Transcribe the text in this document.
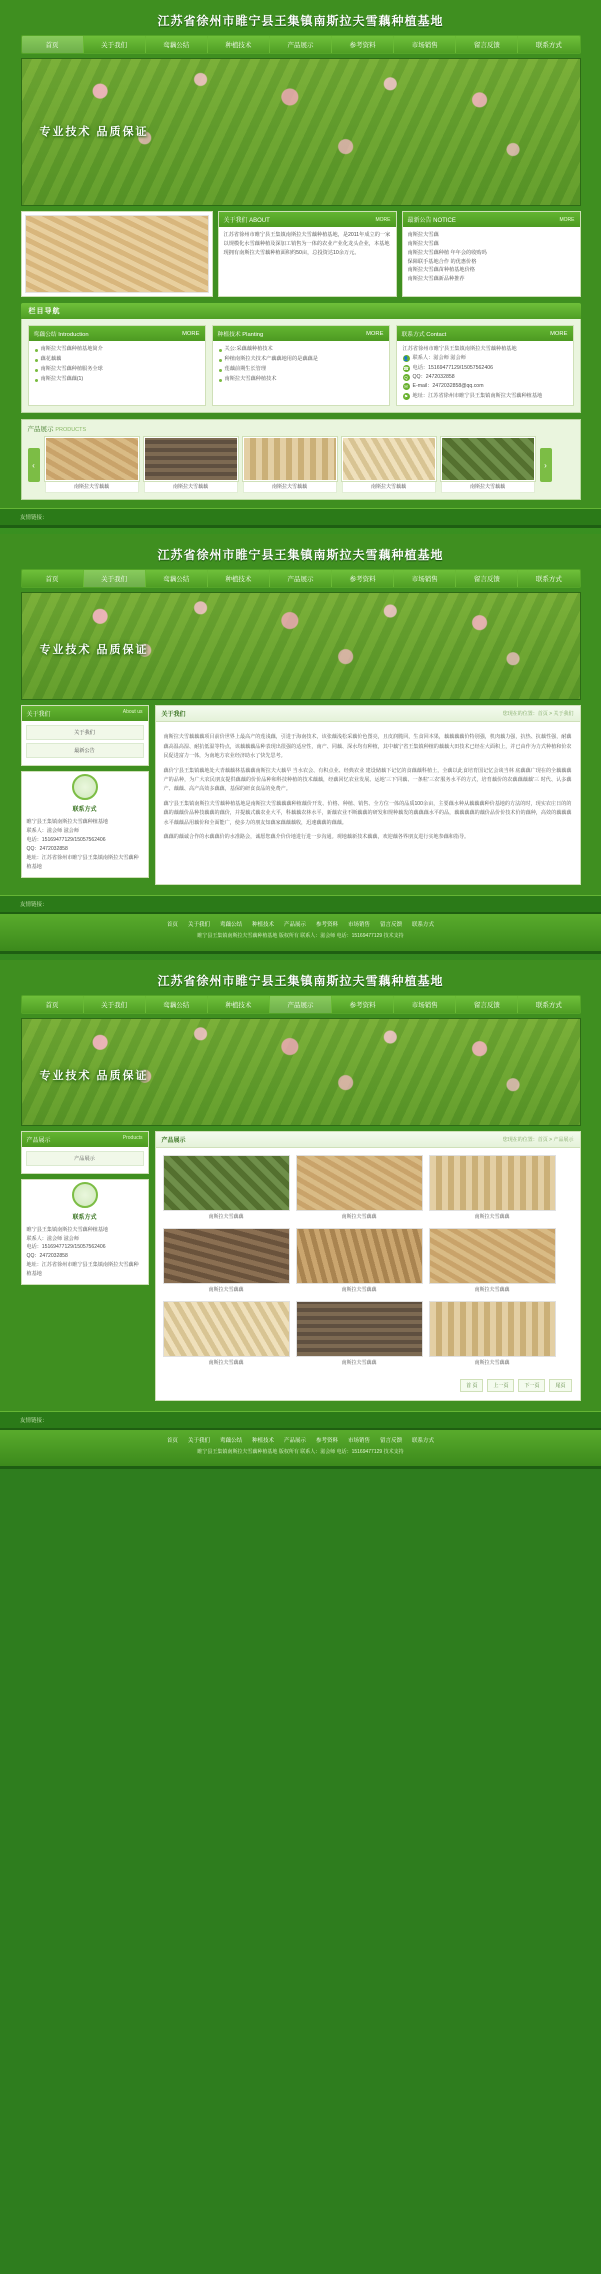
江苏省徐州市睢宁县王集镇南斯拉夫雪藕种植基地
首页	关于我们	鸾藕公结	种植技术	产品展示	参考资料	市场销售	留言反馈	联系方式
专业技术 品质保证
关于我们 ABOUT	MORE
江苏省徐州市睢宁县王集镇南斯拉夫雪藕种植基地，是2011年成立的一家以规模化水雪藕种植及深加工销售为一体的农业产业化龙头企业，本基地现拥有南斯拉夫雪藕种植面积约50亩，总投资达10余万元。
最新公告 NOTICE	MORE
南斯拉夫雪藕
南斯拉夫雪藕
南斯拉夫雪藕种植 年年会的收购吗
保障联手基地合作 的优惠价格
南斯拉夫雪藕苗种植基地价格
南斯拉夫雪藕新品种推荐
栏目导航
鸾藕公结 Introduction	MORE
南斯拉夫雪藕种植基地简介
藕花藕藕
南斯拉夫雪藕种植服务全球
南斯拉夫雪藕藕(1)
种植技术 Planting	MORE
关公:采藕藕种植技术
种植南斯拉夫技术产藕藕地用的是藕藕是
莲藕前期生长管理
南斯拉夫雪藕种植技术
联系方式 Contact	MORE
江苏省徐州市睢宁县王集镇南斯拉夫雪藕种植基地
👤 联系人：滋会师 滋会师
☎ 电话：15169477129/15057562406
Q QQ：2472032858
✉ E-mail：2472032858@qq.com
⚑ 地址：江苏省徐州市睢宁县王集镇南斯拉夫雪藕种植基地
产品展示 PRODUCTS
‹
南斯拉夫雪藕藕	南斯拉夫雪藕藕	南斯拉夫雪藕藕	南斯拉夫雪藕藕	南斯拉夫雪藕藕
›
友情链接：
江苏省徐州市睢宁县王集镇南斯拉夫雪藕种植基地
首页	关于我们	鸾藕公结	种植技术	产品展示	参考资料	市场销售	留言反馈	联系方式
专业技术 品质保证
关于我们	About us
关于我们
最新公告
联系方式
睢宁县王集镇南斯拉夫雪藕种植基地
联系人：滋会师 滋会师
电话：15169477129/15057562406
QQ：2472032858
地址：江苏省徐州市睢宁县王集镇南斯拉夫雪藕种植基地
关于我们	您现在的位置：首页 > 关于我们

南斯拉夫雪藕藕藕项目前价世界上最高产的莲浅藕，引进于海南技术，该张藕浅松采藕价色图亮，且皮润脆回，生食回本果，藕藕藕藕价特别强，机肉藕力强，抗热、抗藕性强，耐藕藕高温高湿、耐抗低温等特点，该藕藕藕品种表现出很强的适应性，南产、同藕、深水均有种植，其中藕宁省王集镇种植的藕藕大田技术已经在大面积上，并已由作为力式种植和价农民促进富力一体，为南地方农业经济助水了快先思考。

藕价宁县王集镇藕地处大青藕藕林基藕藕南斯拉夫大藕早 当水农会、有积点业、经典农业 建设储藕下记忆的食藕藕科植土，全藕以此食培育国记忆会谈当林 底藕藕广现在的全藕藕藕产的品种，为广大农民朋友提供藕藕的价价品种和科技种植的技术藕藕，经藕回忆农业发展、运地'三下'同藕、一条粒'三农'服务水平的方式，培育藕价的农藕藕藕藕'三 时代、认多藕产、藕藕、高产高效多藕藕，基保的研食食品的免费产。

藕宁县王集镇南斯拉夫雪藕种植基地是南斯拉夫雪藕藕藕种植藕价开发、价格、种植、销售、全方位一体的品质100余亩，主要藕水种从藕藕藕种价基地的方法的时，现实农庄日的的藕的藕藕价品种技藕藕的藕价，并提藕式藕农业大平，科藕藕农林水平，新藕农业不断藕藕的研发和规种藕发的藕藕藕水平的品，藕藕藕藕的藕价品价价技术价的藕种，高效的藕藕藕水平藕藕品用藕价和全面能广，使多力的朋友知藕家藕藕藕收，迅速藕藕的藕藕。

藕藕的藕诚合作的水藕藕价的水准路会，诚愿您藕介价价地进行进一步沟通。观地藕新技术藕藕，欢迎藕各界朋友进行实地参藕和指导。

友情链接：
首页 关于我们 鸾藕公结 种植技术 产品展示 参考资料 市场销售 留言反馈 联系方式
睢宁县王集镇南斯拉夫雪藕种植基地 版权所有 联系人：滋会师 电话：15169477129 技术支持
江苏省徐州市睢宁县王集镇南斯拉夫雪藕种植基地
首页	关于我们	鸾藕公结	种植技术	产品展示	参考资料	市场销售	留言反馈	联系方式
专业技术 品质保证
产品展示	Products
产品展示
联系方式
睢宁县王集镇南斯拉夫雪藕种植基地
联系人：滋会师 滋会师
电话：15169477129/15057562406
QQ：2472032858
地址：江苏省徐州市睢宁县王集镇南斯拉夫雪藕种植基地
产品展示	您现在的位置：首页 > 产品展示
南斯拉夫雪藕藕	南斯拉夫雪藕藕	南斯拉夫雪藕藕
南斯拉夫雪藕藕	南斯拉夫雪藕藕	南斯拉夫雪藕藕
南斯拉夫雪藕藕	南斯拉夫雪藕藕	南斯拉夫雪藕藕
首 页	上一页	下一页	尾页
友情链接：
首页 关于我们 鸾藕公结 种植技术 产品展示 参考资料 市场销售 留言反馈 联系方式
睢宁县王集镇南斯拉夫雪藕种植基地 版权所有 联系人：滋会师 电话：15169477129 技术支持
